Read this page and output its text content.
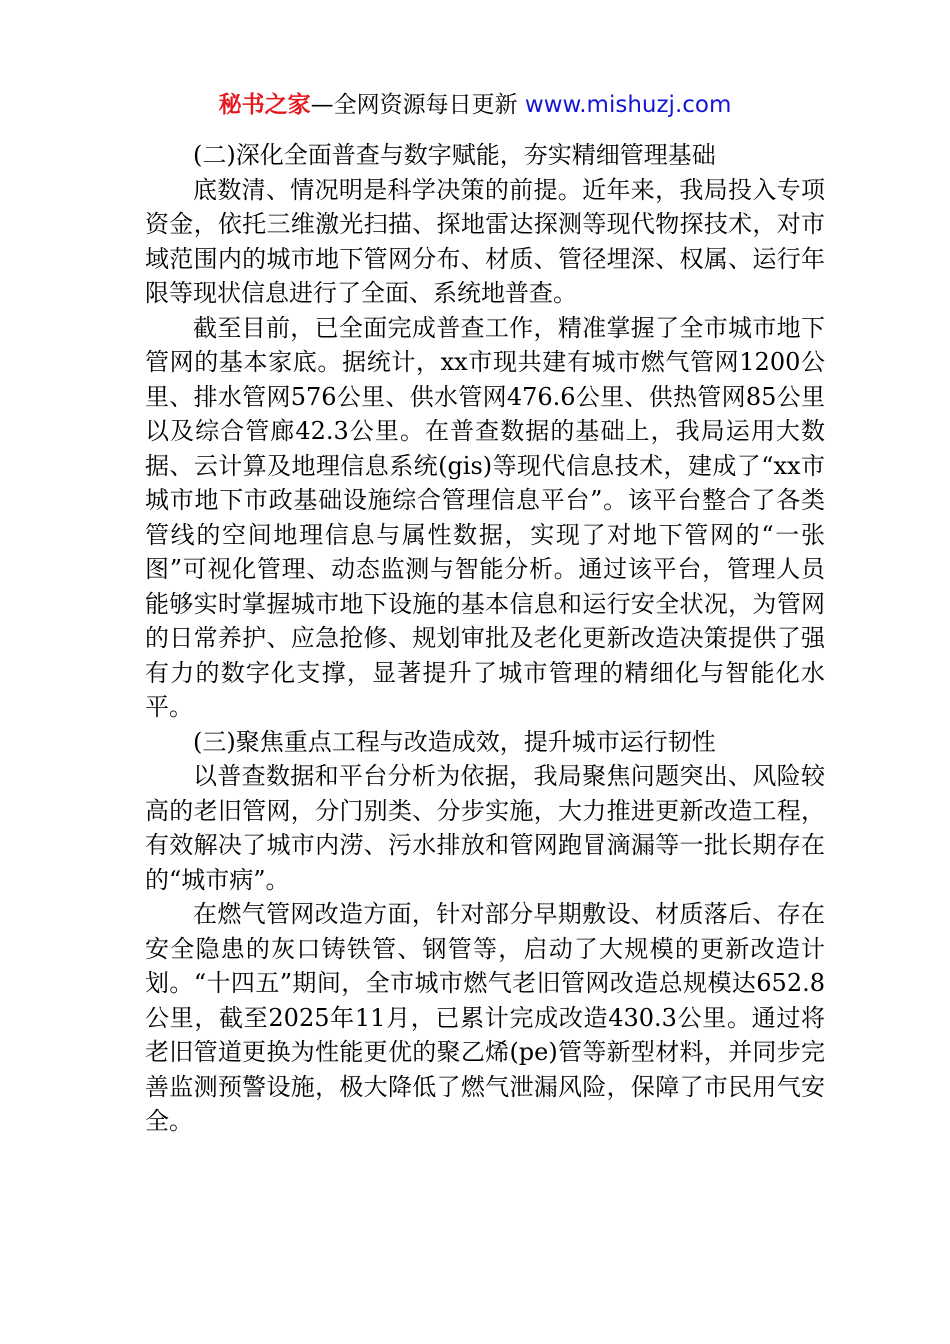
秘书之家—全网资源每日更新 www.mishuzj.com

(二)深化全面普查与数字赋能，夯实精细管理基础

底数清、情况明是科学决策的前提。近年来，我局投入专项资金，依托三维激光扫描、探地雷达探测等现代物探技术，对市域范围内的城市地下管网分布、材质、管径埋深、权属、运行年限等现状信息进行了全面、系统地普查。

截至目前，已全面完成普查工作，精准掌握了全市城市地下管网的基本家底。据统计，xx市现共建有城市燃气管网1200公里、排水管网576公里、供水管网476.6公里、供热管网85公里以及综合管廊42.3公里。在普查数据的基础上，我局运用大数据、云计算及地理信息系统(gis)等现代信息技术，建成了“xx市城市地下市政基础设施综合管理信息平台”。该平台整合了各类管线的空间地理信息与属性数据，实现了对地下管网的“一张图”可视化管理、动态监测与智能分析。通过该平台，管理人员能够实时掌握城市地下设施的基本信息和运行安全状况，为管网的日常养护、应急抢修、规划审批及老化更新改造决策提供了强有力的数字化支撑，显著提升了城市管理的精细化与智能化水平。

(三)聚焦重点工程与改造成效，提升城市运行韧性

以普查数据和平台分析为依据，我局聚焦问题突出、风险较高的老旧管网，分门别类、分步实施，大力推进更新改造工程，有效解决了城市内涝、污水排放和管网跑冒滴漏等一批长期存在的“城市病”。

在燃气管网改造方面，针对部分早期敷设、材质落后、存在安全隐患的灰口铸铁管、钢管等，启动了大规模的更新改造计划。“十四五”期间，全市城市燃气老旧管网改造总规模达652.8公里，截至2025年11月，已累计完成改造430.3公里。通过将老旧管道更换为性能更优的聚乙烯(pe)管等新型材料，并同步完善监测预警设施，极大降低了燃气泄漏风险，保障了市民用气安全。
